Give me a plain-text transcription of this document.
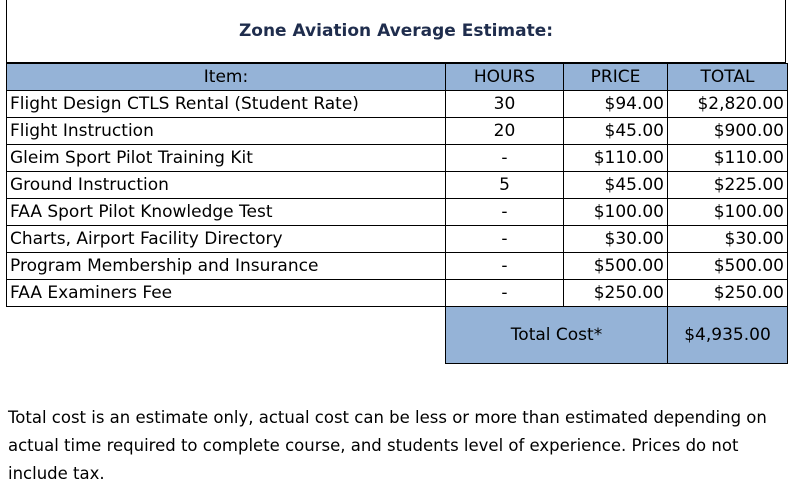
Zone Aviation Average Estimate:
Item:	HOURS	PRICE	TOTAL
Flight Design CTLS Rental (Student Rate)	30	$94.00	$2,820.00
Flight Instruction	20	$45.00	$900.00
Gleim Sport Pilot Training Kit	-	$110.00	$110.00
Ground Instruction	5	$45.00	$225.00
FAA Sport Pilot Knowledge Test	-	$100.00	$100.00
Charts, Airport Facility Directory	-	$30.00	$30.00
Program Membership and Insurance	-	$500.00	$500.00
FAA Examiners Fee	-	$250.00	$250.00
	Total Cost*		$4,935.00

Total cost is an estimate only, actual cost can be less or more than estimated depending on actual time required to complete course, and students level of experience. Prices do not include tax.
